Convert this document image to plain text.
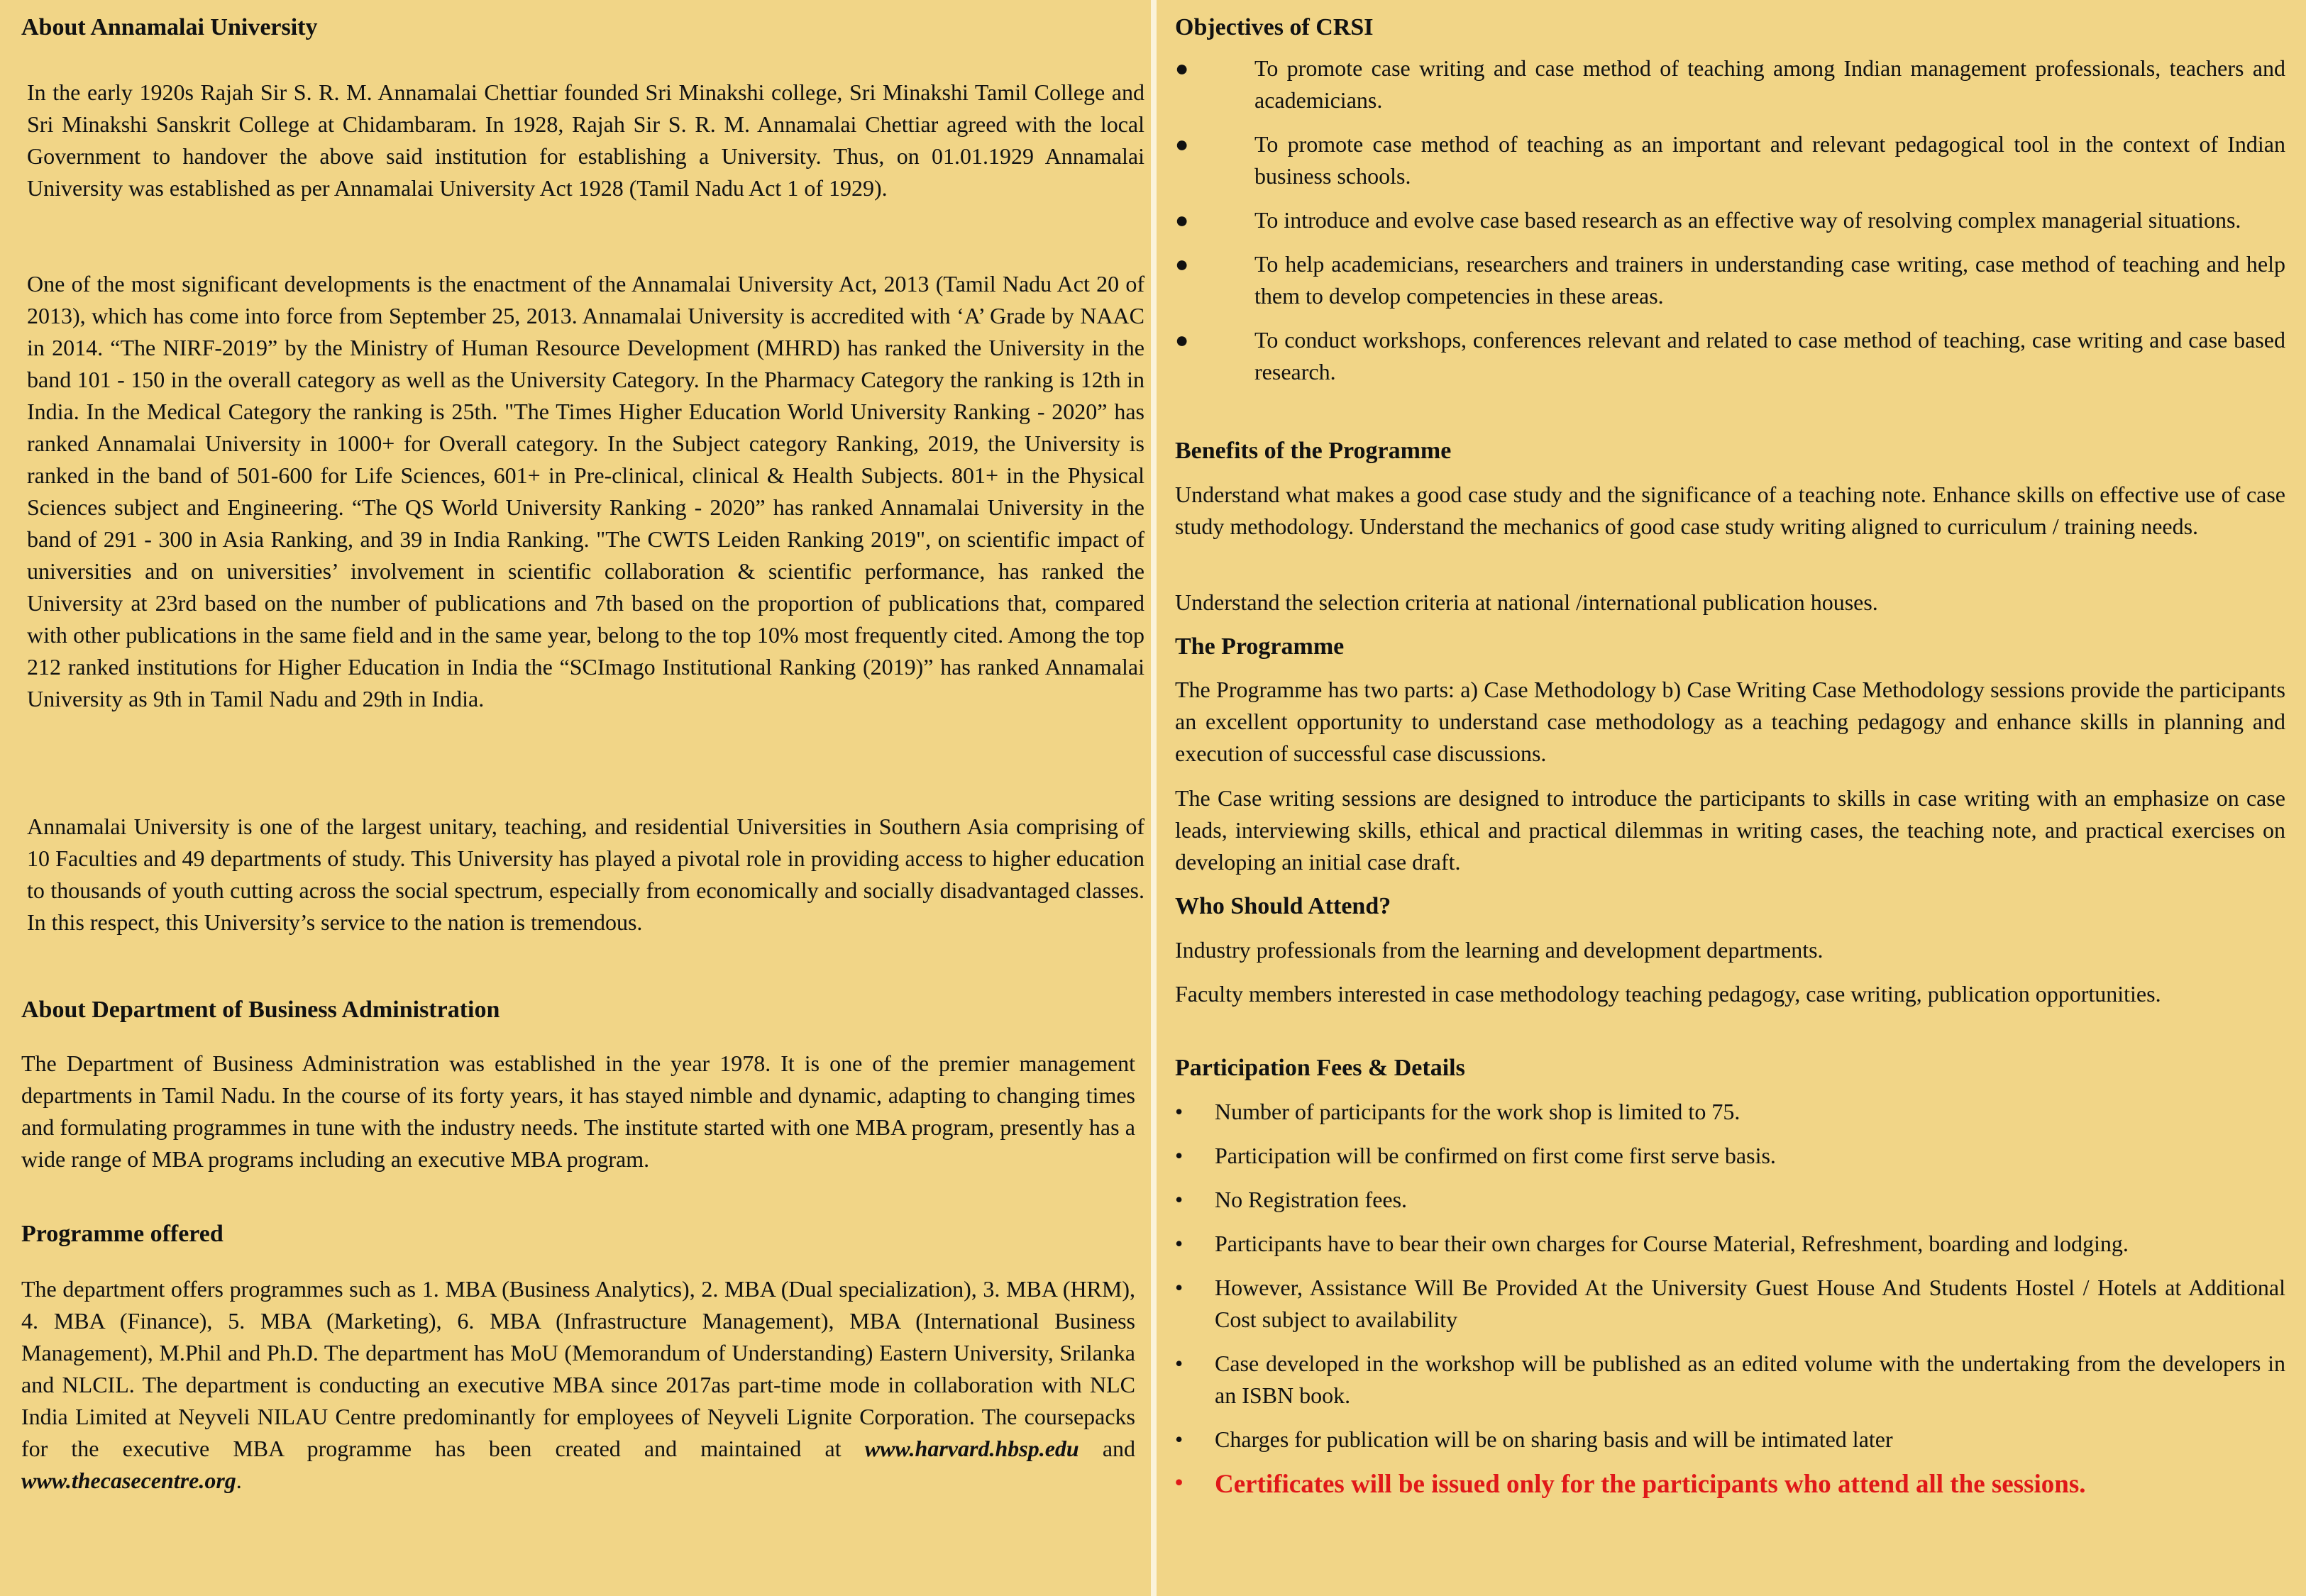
About Annamalai University

In the early 1920s Rajah Sir S. R. M. Annamalai Chettiar founded Sri Minakshi college, Sri Minakshi Tamil College and Sri Minakshi Sanskrit College at Chidambaram. In 1928, Rajah Sir S. R. M. Annamalai Chettiar agreed with the local Government to handover the above said institution for establishing a University. Thus, on 01.01.1929 Annamalai University was established as per Annamalai University Act 1928 (Tamil Nadu Act 1 of 1929).

One of the most significant developments is the enactment of the Annamalai University Act, 2013 (Tamil Nadu Act 20 of 2013), which has come into force from September 25, 2013. Annamalai University is accredited with ‘A’ Grade by NAAC in 2014. “The NIRF-2019” by the Ministry of Human Resource Development (MHRD) has ranked the University in the band 101 - 150 in the overall category as well as the University Category. In the Pharmacy Category the ranking is 12th in India. In the Medical Category the ranking is 25th. "The Times Higher Education World University Ranking - 2020” has ranked Annamalai University in 1000+ for Overall category. In the Subject category Ranking, 2019, the University is ranked in the band of 501-600 for Life Sciences, 601+ in Pre-clinical, clinical & Health Subjects. 801+ in the Physical Sciences subject and Engineering. “The QS World University Ranking - 2020” has ranked Annamalai University in the band of 291 - 300 in Asia Ranking, and 39 in India Ranking. "The CWTS Leiden Ranking 2019", on scientific impact of universities and on universities’ involvement in scientific collaboration & scientific performance, has ranked the University at 23rd based on the number of publications and 7th based on the proportion of publications that, compared with other publications in the same field and in the same year, belong to the top 10% most frequently cited. Among the top 212 ranked institutions for Higher Education in India the “SCImago Institutional Ranking (2019)” has ranked Annamalai University as 9th in Tamil Nadu and 29th in India.

Annamalai University is one of the largest unitary, teaching, and residential Universities in Southern Asia comprising of 10 Faculties and 49 departments of study. This University has played a pivotal role in providing access to higher education to thousands of youth cutting across the social spectrum, especially from economically and socially disadvantaged classes. In this respect, this University’s service to the nation is tremendous.

About Department of Business Administration

The Department of Business Administration was established in the year 1978. It is one of the premier management departments in Tamil Nadu. In the course of its forty years, it has stayed nimble and dynamic, adapting to changing times and formulating programmes in tune with the industry needs. The institute started with one MBA program, presently has a wide range of MBA programs including an executive MBA program.

Programme offered

The department offers programmes such as 1. MBA (Business Analytics), 2. MBA (Dual specialization), 3. MBA (HRM), 4. MBA (Finance), 5. MBA (Marketing), 6. MBA (Infrastructure Management), MBA (International Business Management), M.Phil and Ph.D. The department has MoU (Memorandum of Understanding) Eastern University, Srilanka and NLCIL. The department is conducting an executive MBA since 2017as part-time mode in collaboration with NLC India Limited at Neyveli NILAU Centre predominantly for employees of Neyveli Lignite Corporation. The coursepacks for the executive MBA programme has been created and maintained at www.harvard.hbsp.edu and www.thecasecentre.org.

Objectives of CRSI
●	To promote case writing and case method of teaching among Indian management professionals, teachers and academicians.
●	To promote case method of teaching as an important and relevant pedagogical tool in the context of Indian business schools.
●	To introduce and evolve case based research as an effective way of resolving complex managerial situations.
●	To help academicians, researchers and trainers in understanding case writing, case method of teaching and help them to develop competencies in these areas.
●	To conduct workshops, conferences relevant and related to case method of teaching, case writing and case based research.
Benefits of the Programme

Understand what makes a good case study and the significance of a teaching note. Enhance skills on effective use of case study methodology. Understand the mechanics of good case study writing aligned to curriculum / training needs.

Understand the selection criteria at national /international publication houses.

The Programme

The Programme has two parts: a) Case Methodology b) Case Writing Case Methodology sessions provide the participants an excellent opportunity to understand case methodology as a teaching pedagogy and enhance skills in planning and execution of successful case discussions.

The Case writing sessions are designed to introduce the participants to skills in case writing with an emphasize on case leads, interviewing skills, ethical and practical dilemmas in writing cases, the teaching note, and practical exercises on developing an initial case draft.

Who Should Attend?

Industry professionals from the learning and development departments.

Faculty members interested in case methodology teaching pedagogy, case writing, publication opportunities.

Participation Fees & Details
• Number of participants for the work shop is limited to 75.
• Participation will be confirmed on first come first serve basis.
• No Registration fees.
• Participants have to bear their own charges for Course Material, Refreshment, boarding and lodging.
• However, Assistance Will Be Provided At the University Guest House And Students Hostel / Hotels at Additional Cost subject to availability
• Case developed in the workshop will be published as an edited volume with the undertaking from the developers in an ISBN book.
• Charges for publication will be on sharing basis and will be intimated later
• Certificates will be issued only for the participants who attend all the sessions.
